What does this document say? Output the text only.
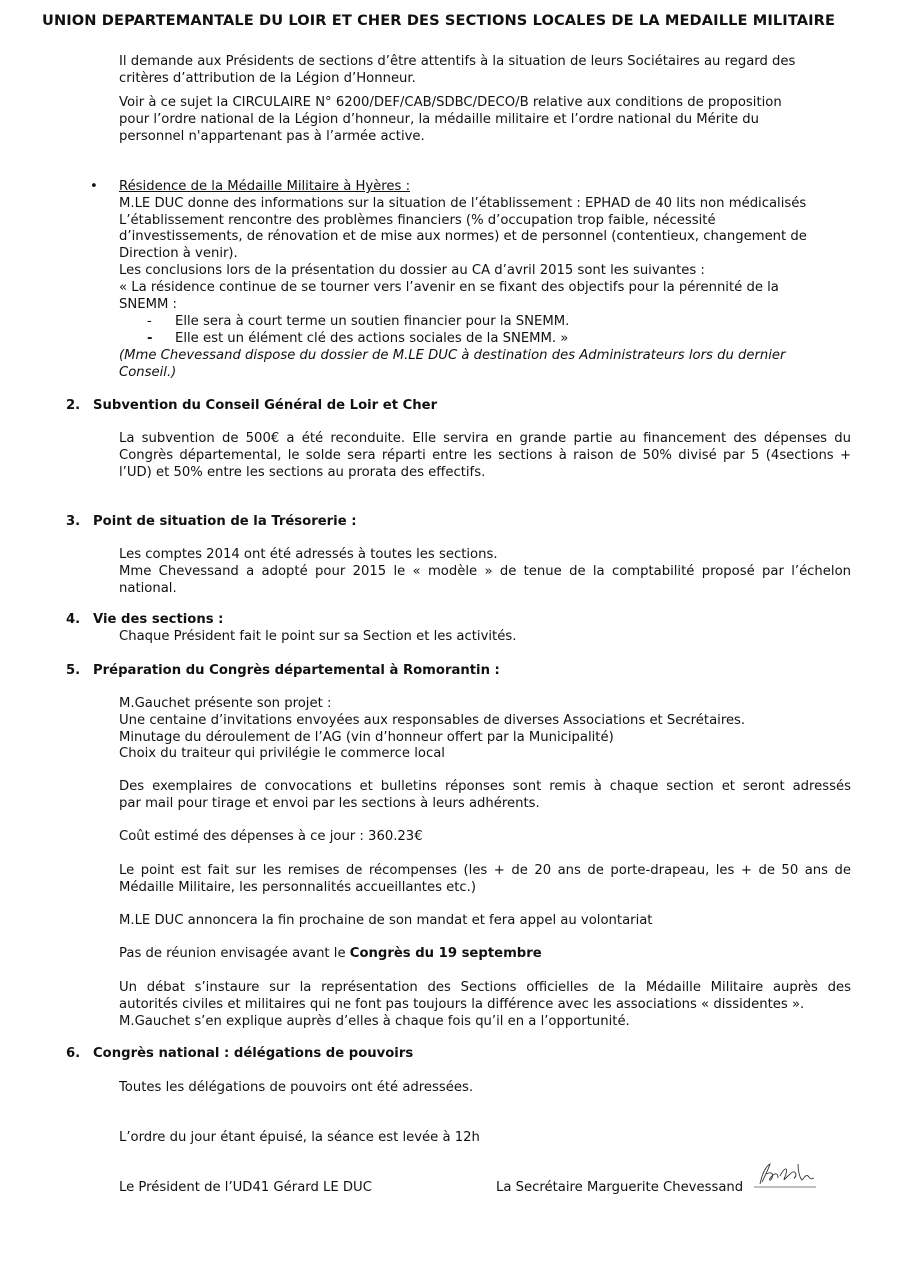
UNION DEPARTEMANTALE DU LOIR ET CHER DES SECTIONS LOCALES DE LA MEDAILLE MILITAIRE
Il demande aux Présidents de sections d’être attentifs à la situation de leurs Sociétaires au regard des
critères d’attribution de la Légion d’Honneur.
Voir à ce sujet la CIRCULAIRE N° 6200/DEF/CAB/SDBC/DECO/B relative aux conditions de proposition
pour l’ordre national de la Légion d’honneur, la médaille militaire et l’ordre national du Mérite du
personnel n'appartenant pas à l’armée active.
• Résidence de la Médaille Militaire à Hyères :
M.LE DUC donne des informations sur la situation de l’établissement : EPHAD de 40 lits non médicalisés
L’établissement rencontre des problèmes financiers (% d’occupation trop faible, nécessité
d’investissements, de rénovation et de mise aux normes) et de personnel (contentieux, changement de
Direction à venir).
Les conclusions lors de la présentation du dossier au CA d’avril 2015 sont les suivantes :
« La résidence continue de se tourner vers l’avenir en se fixant des objectifs pour la pérennité de la
SNEMM :
- Elle sera à court terme un soutien financier pour la SNEMM.
- Elle est un élément clé des actions sociales de la SNEMM. »
(Mme Chevessand dispose du dossier de M.LE DUC à destination des Administrateurs lors du dernier
Conseil.)
2. Subvention du Conseil Général de Loir et Cher
La subvention de 500€ a été reconduite. Elle servira en grande partie au financement des dépenses du
Congrès départemental, le solde sera réparti entre les sections à raison de 50% divisé par 5 (4sections +
l’UD) et 50% entre les sections au prorata des effectifs.
3. Point de situation de la Trésorerie :
Les comptes 2014 ont été adressés à toutes les sections.
Mme Chevessand a adopté pour 2015 le « modèle » de tenue de la comptabilité proposé par l’échelon
national.
4. Vie des sections :
Chaque Président fait le point sur sa Section et les activités.
5. Préparation du Congrès départemental à Romorantin :
M.Gauchet présente son projet :
Une centaine d’invitations envoyées aux responsables de diverses Associations et Secrétaires.
Minutage du déroulement de l’AG (vin d’honneur offert par la Municipalité)
Choix du traiteur qui privilégie le commerce local
Des exemplaires de convocations et bulletins réponses sont remis à chaque section et seront adressés
par mail pour tirage et envoi par les sections à leurs adhérents.
Coût estimé des dépenses à ce jour : 360.23€
Le point est fait sur les remises de récompenses (les + de 20 ans de porte-drapeau, les + de 50 ans de
Médaille Militaire, les personnalités accueillantes etc.)
M.LE DUC annoncera la fin prochaine de son mandat et fera appel au volontariat
Pas de réunion envisagée avant le Congrès du 19 septembre
Un débat s’instaure sur la représentation des Sections officielles de la Médaille Militaire auprès des
autorités civiles et militaires qui ne font pas toujours la différence avec les associations « dissidentes ».
M.Gauchet s’en explique auprès d’elles à chaque fois qu’il en a l’opportunité.
6. Congrès national : délégations de pouvoirs
Toutes les délégations de pouvoirs ont été adressées.
L’ordre du jour étant épuisé, la séance est levée à 12h
Le Président de l’UD41 Gérard LE DUC	La Secrétaire Marguerite Chevessand
